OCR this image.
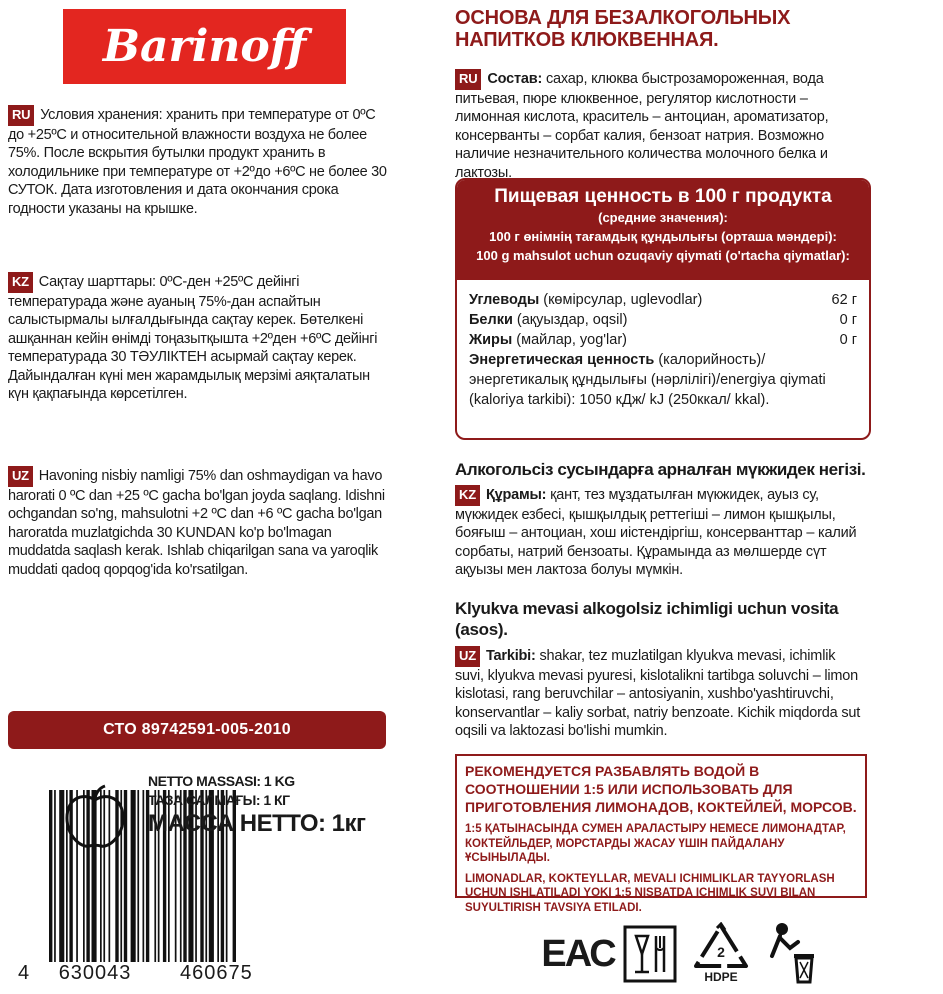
Barinoff
RU Условия хранения: хранить при температуре от 0ºС до +25ºС и относительной влажности воздуха не более 75%. После вскрытия бутылки продукт хранить в холодильнике при температуре от +2ºдо +6ºС не более 30 СУТОК. Дата изготовления и дата окончания срока годности указаны на крышке.
KZ Сақтау шарттары: 0ºС-ден +25ºС дейінгі температурада және ауаның 75%-дан аспайтын салыстырмалы ылғалдығында сақтау керек. Бөтелкені ашқаннан кейін өнімді тоңазытқышта +2ºден +6ºС дейінгі температурада 30 ТӘУЛІКТЕН асырмай сақтау керек. Дайындалған күні мен жарамдылық мерзімі аяқталатын күн қақпағында көрсетілген.
UZ Havoning nisbiy namligi 75% dan oshmaydigan va havo harorati 0 ºC dan +25 ºC gacha bo'lgan joyda saqlang. Idishni ochgandan so'ng, mahsulotni +2 ºC dan +6 ºC gacha bo'lgan haroratda muzlatgichda 30 KUNDAN ko'p bo'lmagan muddatda saqlash kerak. Ishlab chiqarilgan sana va yaroqlik muddati qadoq qopqog'ida ko'rsatilgan.
СТО 89742591-005-2010
NETTO MASSASI: 1 KG
ТАЗА САЛМАҒЫ: 1 КГ
МАССА НЕТТО: 1кг
4 630043 460675
ОСНОВА ДЛЯ БЕЗАЛКОГОЛЬНЫХ НАПИТКОВ КЛЮКВЕННАЯ.
RU Состав: сахар, клюква быстрозамороженная, вода питьевая, пюре клюквенное, регулятор кислотности – лимонная кислота, краситель – антоциан, ароматизатор, консерванты – сорбат калия, бензоат натрия. Возможно наличие незначительного количества молочного белка и лактозы.
Пищевая ценность в 100 г продукта
(средние значения):
100 г өнімнің тағамдық құндылығы (орташа мәндері):
100 g mahsulot uchun ozuqaviy qiymati (o'rtacha qiymatlar):
Углеводы (көмірсулар, uglevodlar)	62 г
Белки (ақуыздар, oqsil)	0 г
Жиры (майлар, yog'lar)	0 г
Энергетическая ценность (калорийность)/энергетикалық құндылығы (нәрлілігі)/energiya qiymati (kaloriya tarkibi): 1050 кДж/ kJ (250ккал/ kkal).
Алкогольсіз сусындарға арналған мүкжидек негізі.
KZ Құрамы: қант, тез мұздатылған мүкжидек, ауыз су, мүкжидек езбесі, қышқылдық реттегіші – лимон қышқылы, бояғыш – антоциан, хош иістендіргіш, консерванттар – калий сорбаты, натрий бензоаты. Құрамында аз мөлшерде сүт ақуызы мен лактоза болуы мүмкін.
Klyukva mevasi alkogolsiz ichimligi uchun vosita (asos).
UZ Tarkibi: shakar, tez muzlatilgan klyukva mevasi, ichimlik suvi, klyukva mevasi pyuresi, kislotalikni tartibga soluvchi – limon kislotasi, rang beruvchilar – antosiyanin, xushbo'yashtiruvchi, konservantlar – kaliy sorbat, natriy benzoate. Kichik miqdorda sut oqsili va laktozasi bo'lishi mumkin.
РЕКОМЕНДУЕТСЯ РАЗБАВЛЯТЬ ВОДОЙ В СООТНОШЕНИИ 1:5 ИЛИ ИСПОЛЬЗОВАТЬ ДЛЯ ПРИГОТОВЛЕНИЯ ЛИМОНАДОВ, КОКТЕЙЛЕЙ, МОРСОВ.
1:5 ҚАТЫНАСЫНДА СУМЕН АРАЛАСТЫРУ НЕМЕСЕ ЛИМОНАДТАР, КОКТЕЙЛЬДЕР, МОРСТАРДЫ ЖАСАУ ҮШІН ПАЙДАЛАНУ ҰСЫНЫЛАДЫ.
LIMONADLAR, KOKTEYLLAR, MEVALI ICHIMLIKLAR TAYYORLASH UCHUN ISHLATILADI YOKI 1:5 NISBATDA ICHIMLIK SUVI BILAN SUYULTIRISH TAVSIYA ETILADI.
ЕАС	2
HDPE
